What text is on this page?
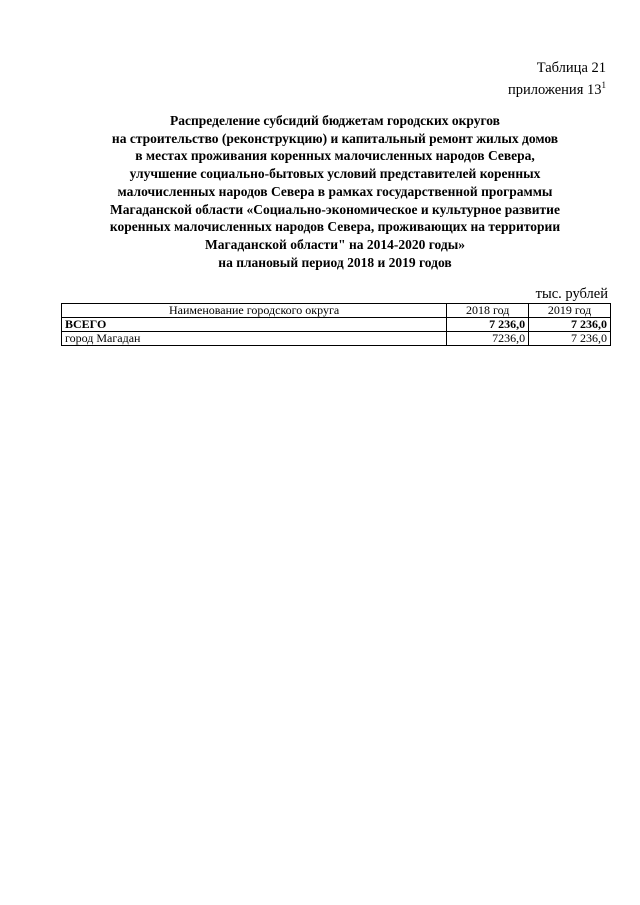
Таблица 21
приложения $13^1$
Распределение субсидий бюджетам городских округов
на строительство (реконструкцию) и капитальный ремонт жилых домов
в местах проживания коренных малочисленных народов Севера,
улучшение социально-бытовых условий представителей коренных
малочисленных народов Севера в рамках государственной программы
Магаданской области «Социально-экономическое и культурное развитие
коренных малочисленных народов Севера, проживающих на территории
Магаданской области" на 2014-2020 годы»
на плановый период 2018 и 2019 годов
тыс. рублей
Наименование городского округа	2018 год	2019 год
ВСЕГО	7 236,0	7 236,0
город Магадан	7236,0	7 236,0
